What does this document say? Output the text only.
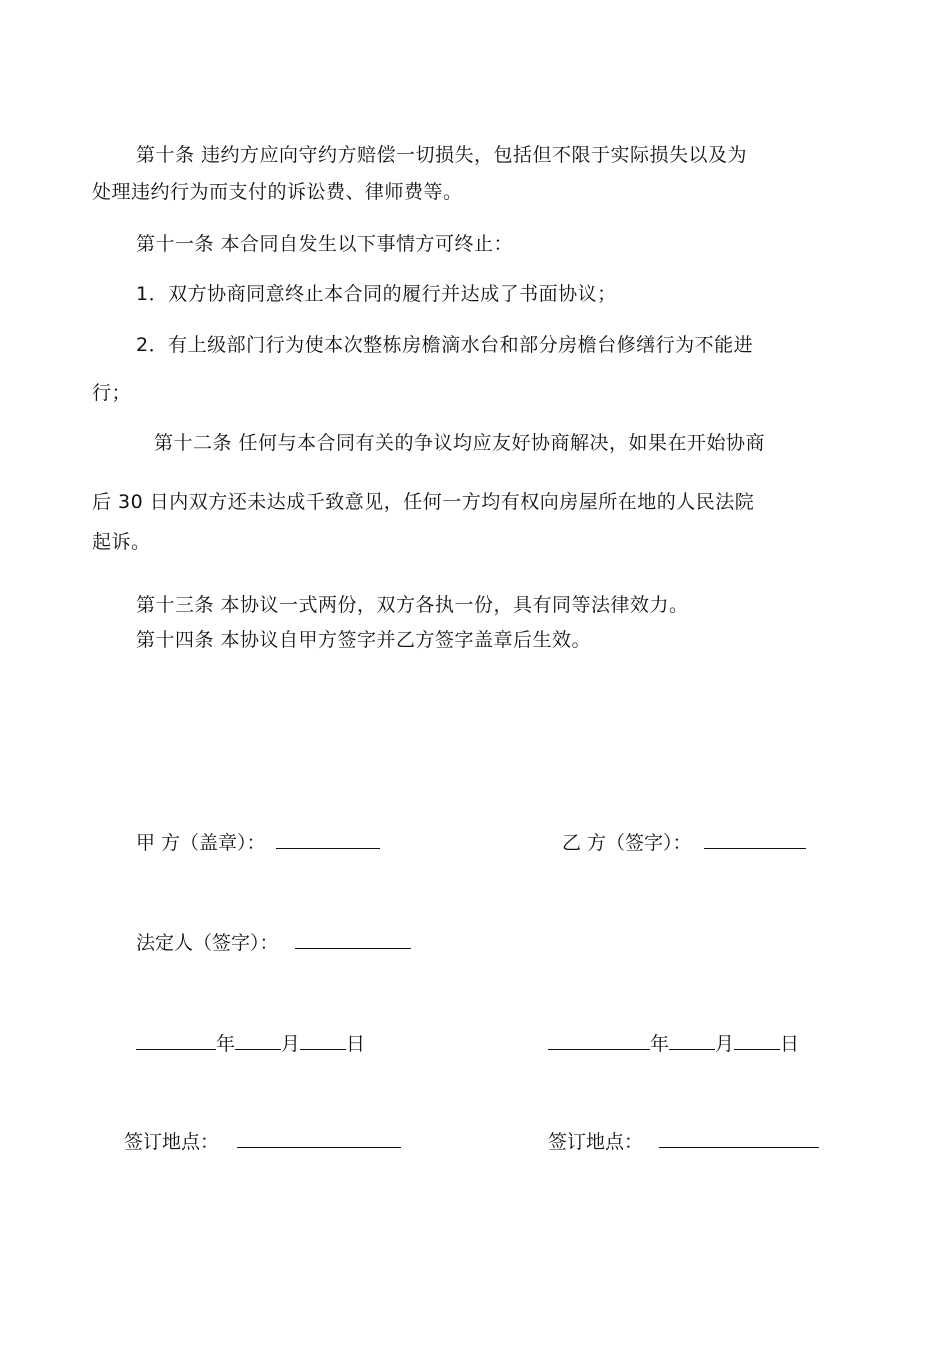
第十条 违约方应向守约方赔偿一切损失，包括但不限于实际损失以及为
处理违约行为而支付的诉讼费、律师费等。
第十一条 本合同自发生以下事情方可终止：
1．双方协商同意终止本合同的履行并达成了书面协议；
2．有上级部门行为使本次整栋房檐滴水台和部分房檐台修缮行为不能进
行；
第十二条 任何与本合同有关的争议均应友好协商解决，如果在开始协商
后 30 日内双方还未达成千致意见，任何一方均有权向房屋所在地的人民法院
起诉。
第十三条 本协议一式两份，双方各执一份，具有同等法律效力。
第十四条 本协议自甲方签字并乙方签字盖章后生效。
甲 方（盖章）：	乙 方（签字）：
法定人（签字）：
年 月 日	年 月 日
签订地点：	签订地点：
